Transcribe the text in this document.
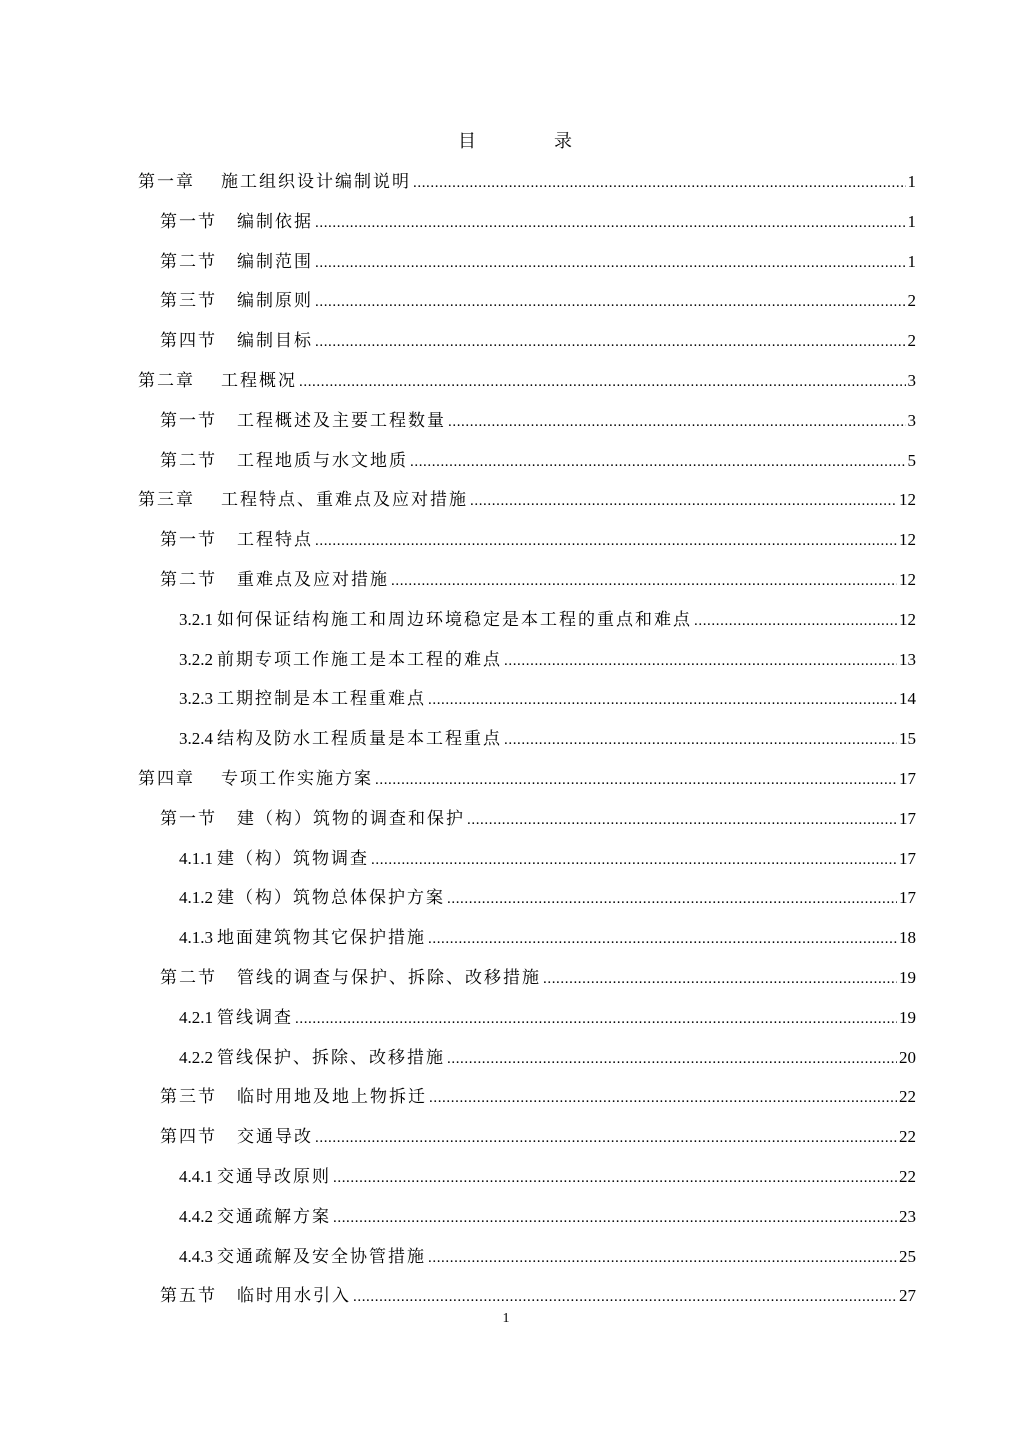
目　录
第一章	施工组织设计编制说明 .....	1
第一节	编制依据 .....	1
第二节	编制范围 .....	1
第三节	编制原则 .....	2
第四节	编制目标 .....	2
第二章	工程概况 .....	3
第一节	工程概述及主要工程数量 .....	3
第二节	工程地质与水文地质 .....	5
第三章	工程特点、重难点及应对措施 .....	12
第一节	工程特点 .....	12
第二节	重难点及应对措施 .....	12
3.2.1 如何保证结构施工和周边环境稳定是本工程的重点和难点 .....	12
3.2.2 前期专项工作施工是本工程的难点 .....	13
3.2.3 工期控制是本工程重难点 .....	14
3.2.4 结构及防水工程质量是本工程重点 .....	15
第四章	专项工作实施方案 .....	17
第一节	建（构）筑物的调查和保护 .....	17
4.1.1 建（构）筑物调查 .....	17
4.1.2 建（构）筑物总体保护方案 .....	17
4.1.3 地面建筑物其它保护措施 .....	18
第二节	管线的调查与保护、拆除、改移措施 .....	19
4.2.1 管线调查 .....	19
4.2.2 管线保护、拆除、改移措施 .....	20
第三节	临时用地及地上物拆迁 .....	22
第四节	交通导改 .....	22
4.4.1 交通导改原则 .....	22
4.4.2 交通疏解方案 .....	23
4.4.3 交通疏解及安全协管措施 .....	25
第五节	临时用水引入 .....	27
1
